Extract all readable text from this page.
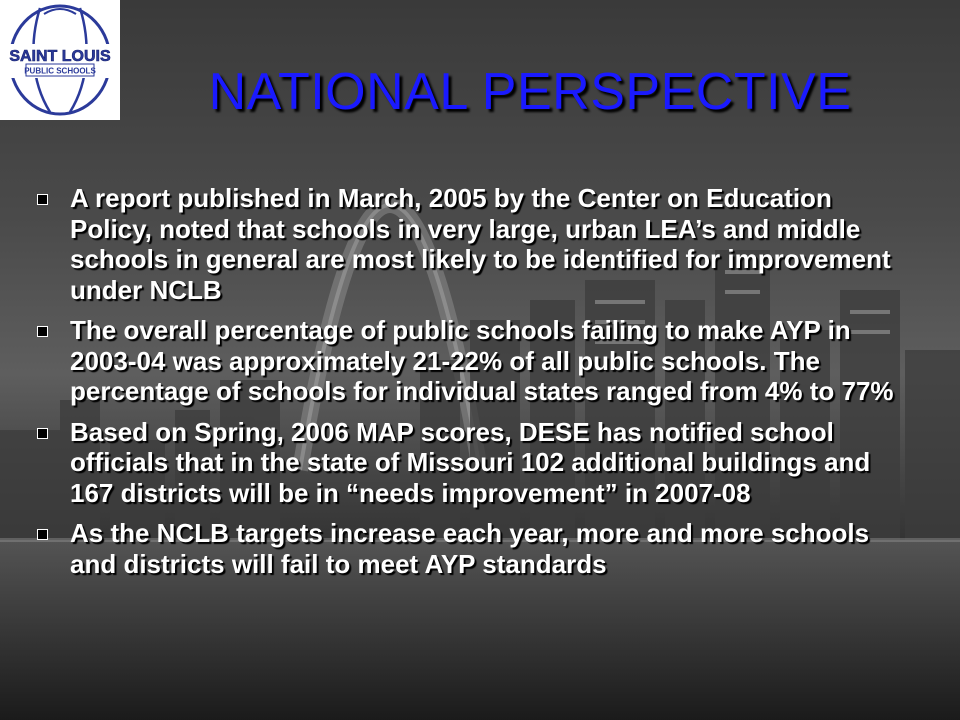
SAINT LOUIS
PUBLIC SCHOOLS	NATIONAL PERSPECTIVE
A report published in March, 2005 by the Center on Education Policy, noted that schools in very large, urban LEA’s and middle schools in general are most likely to be identified for improvement under NCLB
The overall percentage of public schools failing to make AYP in 2003-04 was approximately 21-22% of all public schools. The percentage of schools for individual states ranged from 4% to 77%
Based on Spring, 2006 MAP scores, DESE has notified school officials that in the state of Missouri 102 additional buildings and 167 districts will be in “needs improvement” in 2007-08
As the NCLB targets increase each year, more and more schools and districts will fail to meet AYP standards
